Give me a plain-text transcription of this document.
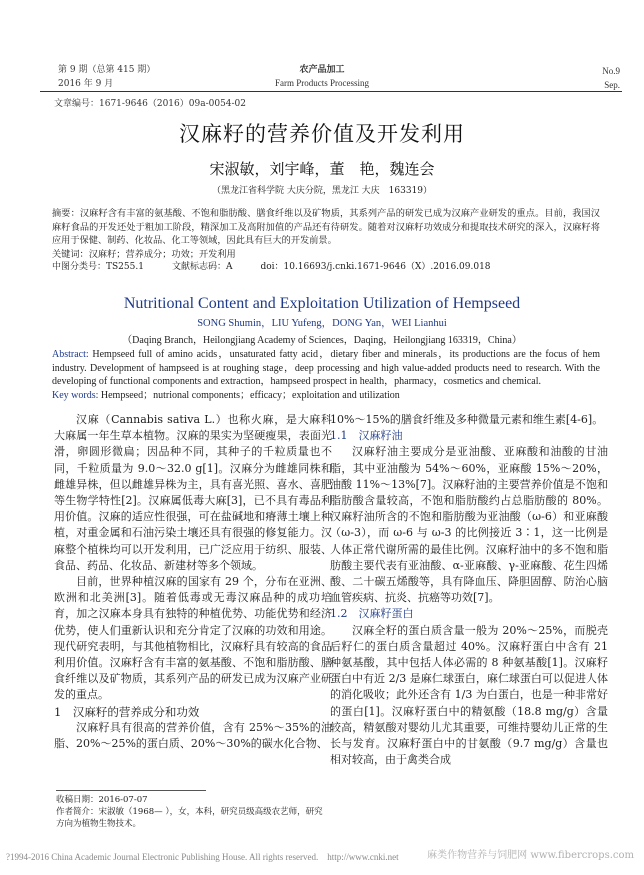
第 9 期（总第 415 期）
2016 年 9 月
农产品加工
Farm Products Processing
No.9
Sep.
文章编号：1671-9646（2016）09a-0054-02
汉麻籽的营养价值及开发利用
宋淑敏，刘宇峰，董　艳，魏连会
（黑龙江省科学院 大庆分院，黑龙江 大庆　163319）
摘要：汉麻籽含有丰富的氨基酸、不饱和脂肪酸、膳食纤维以及矿物质，其系列产品的研发已成为汉麻产业研发的重点。目前，我国汉麻籽食品的开发还处于粗加工阶段，精深加工及高附加值的产品还有待研发。随着对汉麻籽功效成分和提取技术研究的深入，汉麻籽将应用于保健、制药、化妆品、化工等领域，因此具有巨大的开发前景。
关键词：汉麻籽；营养成分；功效；开发利用
中图分类号：TS255.1	文献标志码：A	doi：10.16693/j.cnki.1671-9646（X）.2016.09.018
Nutritional Content and Exploitation Utilization of Hempseed
SONG Shumin，LIU Yufeng，DONG Yan，WEI Lianhui
（Daqing Branch，Heilongjiang Academy of Sciences，Daqing，Heilongjiang 163319，China）
Abstract: Hempseed full of amino acids，unsaturated fatty acid，dietary fiber and minerals，its productions are the focus of hem industry. Development of hampseed is at roughing stage，deep processing and high value-added products need to research. With the developing of functional components and extraction，hampseed prospect in health，pharmacy，cosmetics and chemical.
Key words: Hempseed；nutrional components；efficacy；exploitation and utilization

汉麻（Cannabis sativa L.）也称火麻，是大麻科大麻属一年生草本植物。汉麻的果实为坚硬瘦果，表面光滑，卵圆形微扁；因品种不同，其种子的千粒质量也不同，千粒质量为 9.0～32.0 g[1]。汉麻分为雌雄同株和雌雄异株，但以雌雄异株为主，具有喜光照、喜水、喜肥等生物学特性[2]。汉麻属低毒大麻[3]，已不具有毒品利用价值。汉麻的适应性很强，可在盐碱地和瘠薄土壤上种植，对重金属和石油污染土壤还具有很强的修复能力。汉麻整个植株均可以开发利用，已广泛应用于纺织、服装、食品、药品、化妆品、新建材等多个领域。

目前，世界种植汉麻的国家有 29 个，分布在亚洲、欧洲和北美洲[3]。随着低毒或无毒汉麻品种的成功培育，加之汉麻本身具有独特的种植优势、功能优势和经济优势，使人们重新认识和充分肯定了汉麻的功效和用途。现代研究表明，与其他植物相比，汉麻籽具有较高的食品利用价值。汉麻籽含有丰富的氨基酸、不饱和脂肪酸、膳食纤维以及矿物质，其系列产品的研发已成为汉麻产业研发的重点。

1　汉麻籽的营养成分和功效

汉麻籽具有很高的营养价值，含有 25%～35%的油脂、20%～25%的蛋白质、20%～30%的碳水化合物、

10%～15%的膳食纤维及多种微量元素和维生素[4-6]。

1.1　汉麻籽油

汉麻籽油主要成分是亚油酸、亚麻酸和油酸的甘油脂，其中亚油酸为 54%～60%，亚麻酸 15%～20%，油酸 11%～13%[7]。汉麻籽油的主要营养价值是不饱和脂肪酸含量较高，不饱和脂肪酸约占总脂肪酸的 80%。汉麻籽油所含的不饱和脂肪酸为亚油酸（ω-6）和亚麻酸（ω-3），而 ω-6 与 ω-3 的比例接近 3∶1，这一比例是人体正常代谢所需的最佳比例。汉麻籽油中的多不饱和脂肪酸主要代表有亚油酸、α-亚麻酸、γ-亚麻酸、花生四烯酸、二十碳五烯酸等，具有降血压、降胆固醇、防治心脑血管疾病、抗炎、抗癌等功效[7]。

1.2　汉麻籽蛋白

汉麻全籽的蛋白质含量一般为 20%～25%，而脱壳后籽仁的蛋白质含量超过 40%。汉麻籽蛋白中含有 21 种氨基酸，其中包括人体必需的 8 种氨基酸[1]。汉麻籽蛋白中有近 2/3 是麻仁球蛋白，麻仁球蛋白可以促进人体的消化吸收；此外还含有 1/3 为白蛋白，也是一种非常好的蛋白[1]。汉麻籽蛋白中的精氨酸（18.8 mg/g）含量较高，精氨酸对婴幼儿尤其重要，可维持婴幼儿正常的生长与发育。汉麻籽蛋白中的甘氨酸（9.7 mg/g）含量也相对较高，由于禽类合成

收稿日期：2016-07-07
作者简介：宋淑敏（1968— ），女，本科，研究员级高级农艺师，研究方向为植物生物技术。
?1994-2016 China Academic Journal Electronic Publishing House. All rights reserved.　http://www.cnki.net	麻类作物营养与饲肥网 www.fibercrops.com
